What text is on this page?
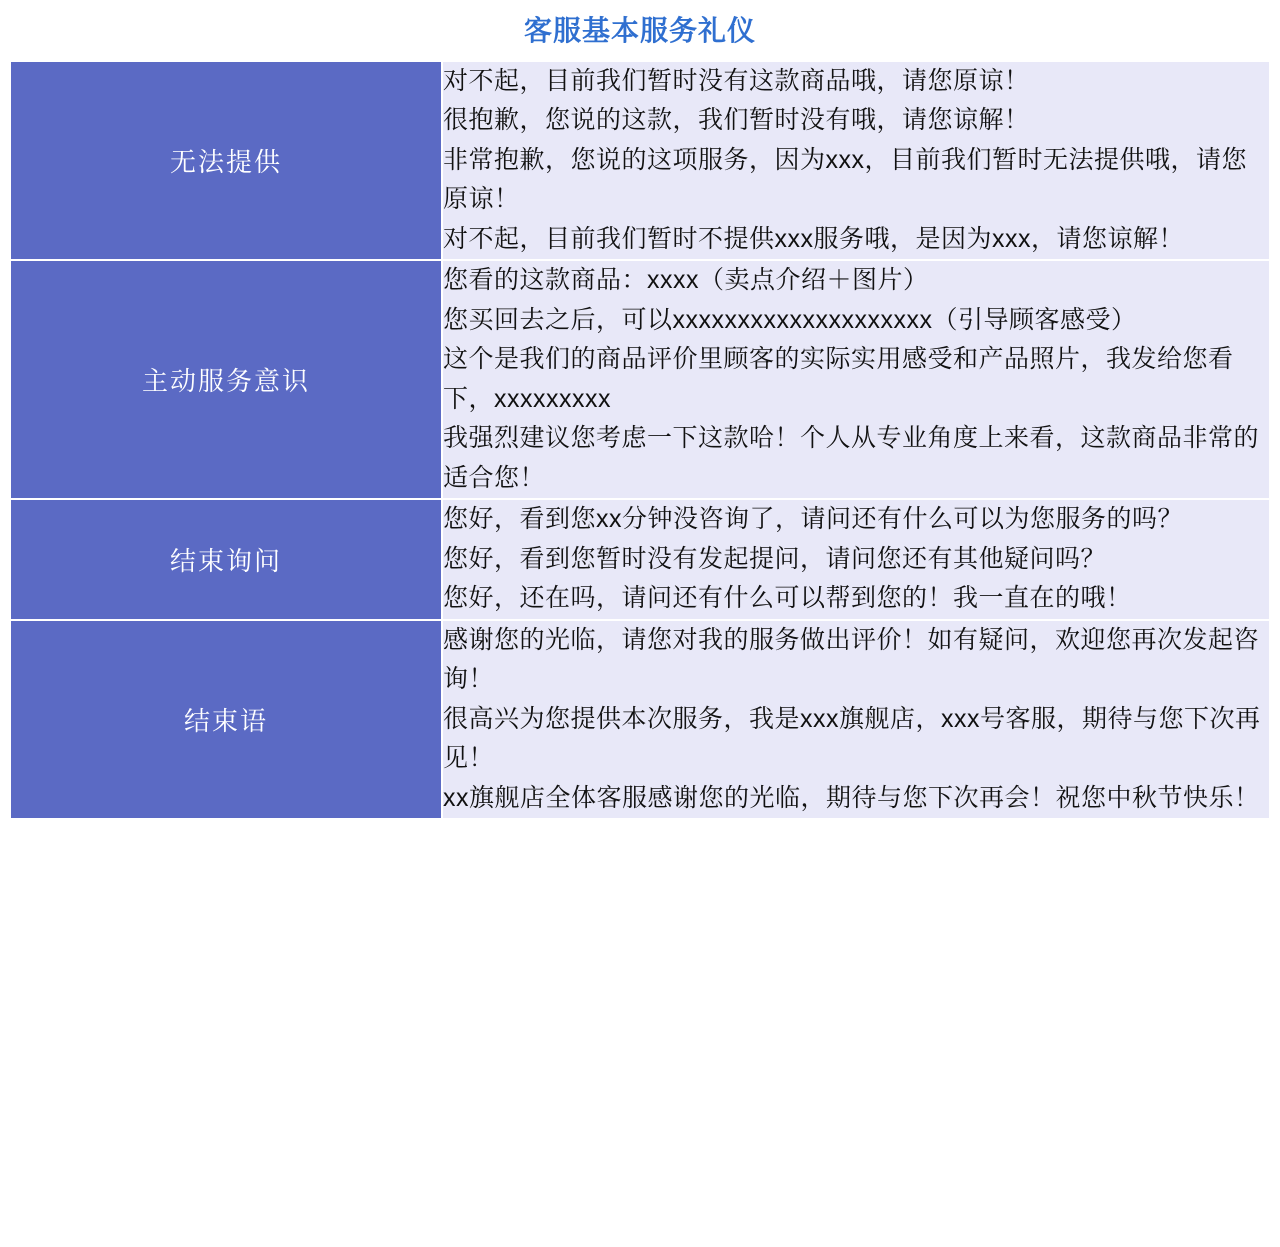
客服基本服务礼仪
无法提供	对不起，目前我们暂时没有这款商品哦，请您原谅！

很抱歉，您说的这款，我们暂时没有哦，请您谅解！

非常抱歉，您说的这项服务，因为xxx，目前我们暂时无法提供哦，请您原谅！

对不起，目前我们暂时不提供xxx服务哦，是因为xxx，请您谅解！

主动服务意识	您看的这款商品：xxxx（卖点介绍＋图片）

您买回去之后，可以xxxxxxxxxxxxxxxxxxxx（引导顾客感受）

这个是我们的商品评价里顾客的实际实用感受和产品照片，我发给您看下，xxxxxxxxx

我强烈建议您考虑一下这款哈！个人从专业角度上来看，这款商品非常的适合您！

结束询问	您好，看到您xx分钟没咨询了，请问还有什么可以为您服务的吗？

您好，看到您暂时没有发起提问，请问您还有其他疑问吗？

您好，还在吗，请问还有什么可以帮到您的！我一直在的哦！

结束语	感谢您的光临，请您对我的服务做出评价！如有疑问，欢迎您再次发起咨询！

很高兴为您提供本次服务，我是xxx旗舰店，xxx号客服，期待与您下次再见！

xx旗舰店全体客服感谢您的光临，期待与您下次再会！祝您中秋节快乐！
